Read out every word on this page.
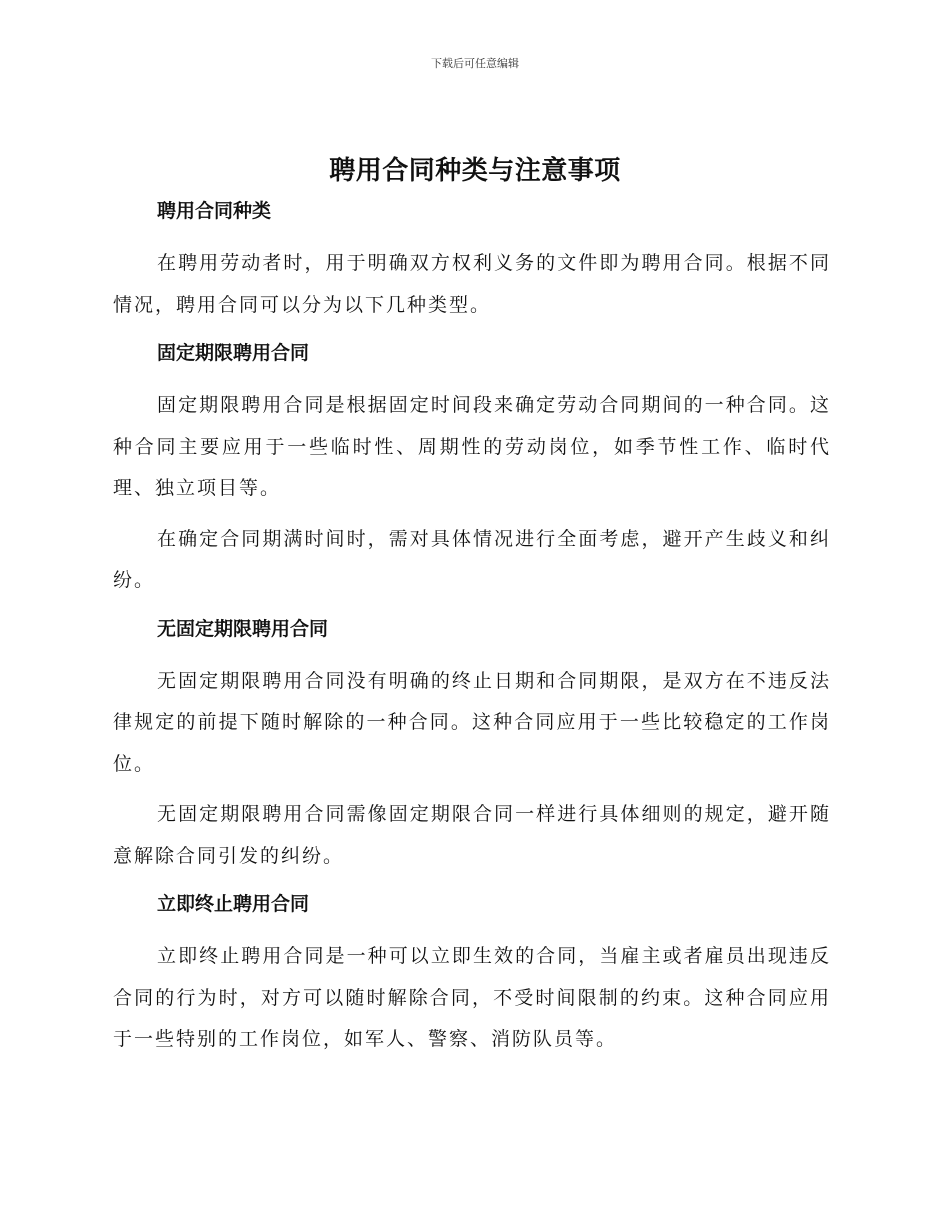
下载后可任意编辑
聘用合同种类与注意事项
聘用合同种类

在聘用劳动者时，用于明确双方权利义务的文件即为聘用合同。根据不同情况，聘用合同可以分为以下几种类型。

固定期限聘用合同

固定期限聘用合同是根据固定时间段来确定劳动合同期间的一种合同。这种合同主要应用于一些临时性、周期性的劳动岗位，如季节性工作、临时代理、独立项目等。

在确定合同期满时间时，需对具体情况进行全面考虑，避开产生歧义和纠纷。

无固定期限聘用合同

无固定期限聘用合同没有明确的终止日期和合同期限，是双方在不违反法律规定的前提下随时解除的一种合同。这种合同应用于一些比较稳定的工作岗位。

无固定期限聘用合同需像固定期限合同一样进行具体细则的规定，避开随意解除合同引发的纠纷。

立即终止聘用合同

立即终止聘用合同是一种可以立即生效的合同，当雇主或者雇员出现违反合同的行为时，对方可以随时解除合同，不受时间限制的约束。这种合同应用于一些特别的工作岗位，如军人、警察、消防队员等。
